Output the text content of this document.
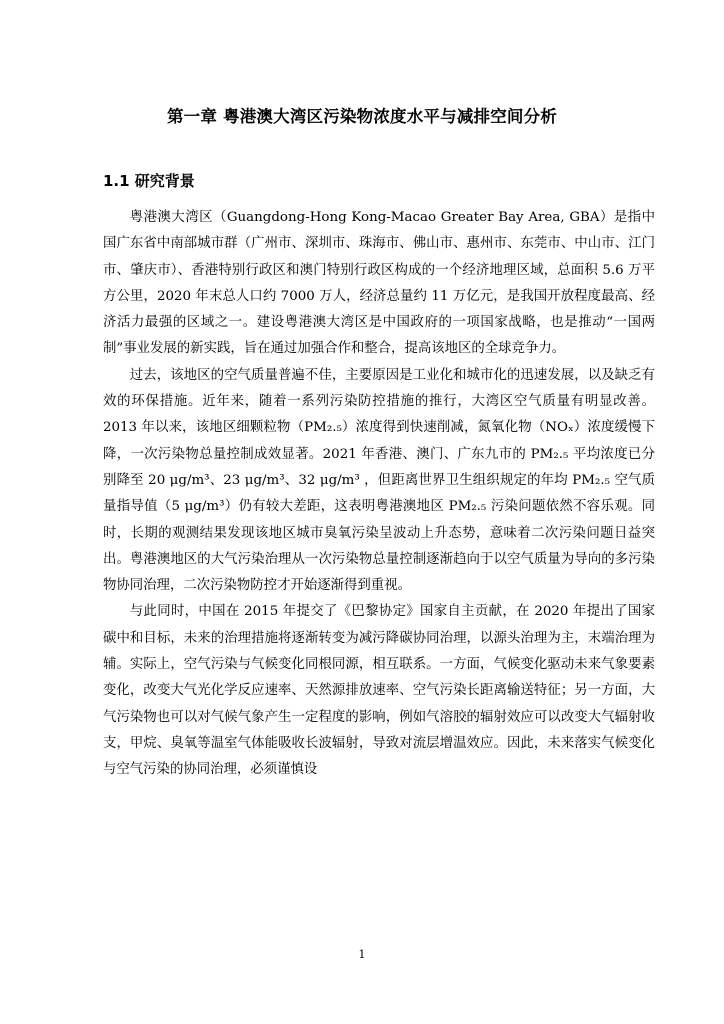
第一章 粤港澳大湾区污染物浓度水平与减排空间分析
1.1 研究背景

粤港澳大湾区（Guangdong-Hong Kong-Macao Greater Bay Area, GBA）是指中国广东省中南部城市群（广州市、深圳市、珠海市、佛山市、惠州市、东莞市、中山市、江门市、肇庆市）、香港特别行政区和澳门特别行政区构成的一个经济地理区域，总面积 5.6 万平方公里，2020 年末总人口约 7000 万人，经济总量约 11 万亿元，是我国开放程度最高、经济活力最强的区域之一。建设粤港澳大湾区是中国政府的一项国家战略，也是推动“一国两制”事业发展的新实践，旨在通过加强合作和整合，提高该地区的全球竞争力。

过去，该地区的空气质量普遍不佳，主要原因是工业化和城市化的迅速发展，以及缺乏有效的环保措施。近年来，随着一系列污染防控措施的推行，大湾区空气质量有明显改善。2013 年以来，该地区细颗粒物（PM₂.₅）浓度得到快速削减，氮氧化物（NOₓ）浓度缓慢下降，一次污染物总量控制成效显著。2021 年香港、澳门、广东九市的 PM₂.₅ 平均浓度已分别降至 20 μg/m³、23 μg/m³、32 μg/m³ ，但距离世界卫生组织规定的年均 PM₂.₅ 空气质量指导值（5 μg/m³）仍有较大差距，这表明粤港澳地区 PM₂.₅ 污染问题依然不容乐观。同时，长期的观测结果发现该地区城市臭氧污染呈波动上升态势，意味着二次污染问题日益突出。粤港澳地区的大气污染治理从一次污染物总量控制逐渐趋向于以空气质量为导向的多污染物协同治理，二次污染物防控才开始逐渐得到重视。

与此同时，中国在 2015 年提交了《巴黎协定》国家自主贡献，在 2020 年提出了国家碳中和目标，未来的治理措施将逐渐转变为减污降碳协同治理，以源头治理为主，末端治理为辅。实际上，空气污染与气候变化同根同源，相互联系。一方面，气候变化驱动未来气象要素变化，改变大气光化学反应速率、天然源排放速率、空气污染长距离输送特征；另一方面，大气污染物也可以对气候气象产生一定程度的影响，例如气溶胶的辐射效应可以改变大气辐射收支，甲烷、臭氧等温室气体能吸收长波辐射，导致对流层增温效应。因此，未来落实气候变化与空气污染的协同治理，必须谨慎设

1
